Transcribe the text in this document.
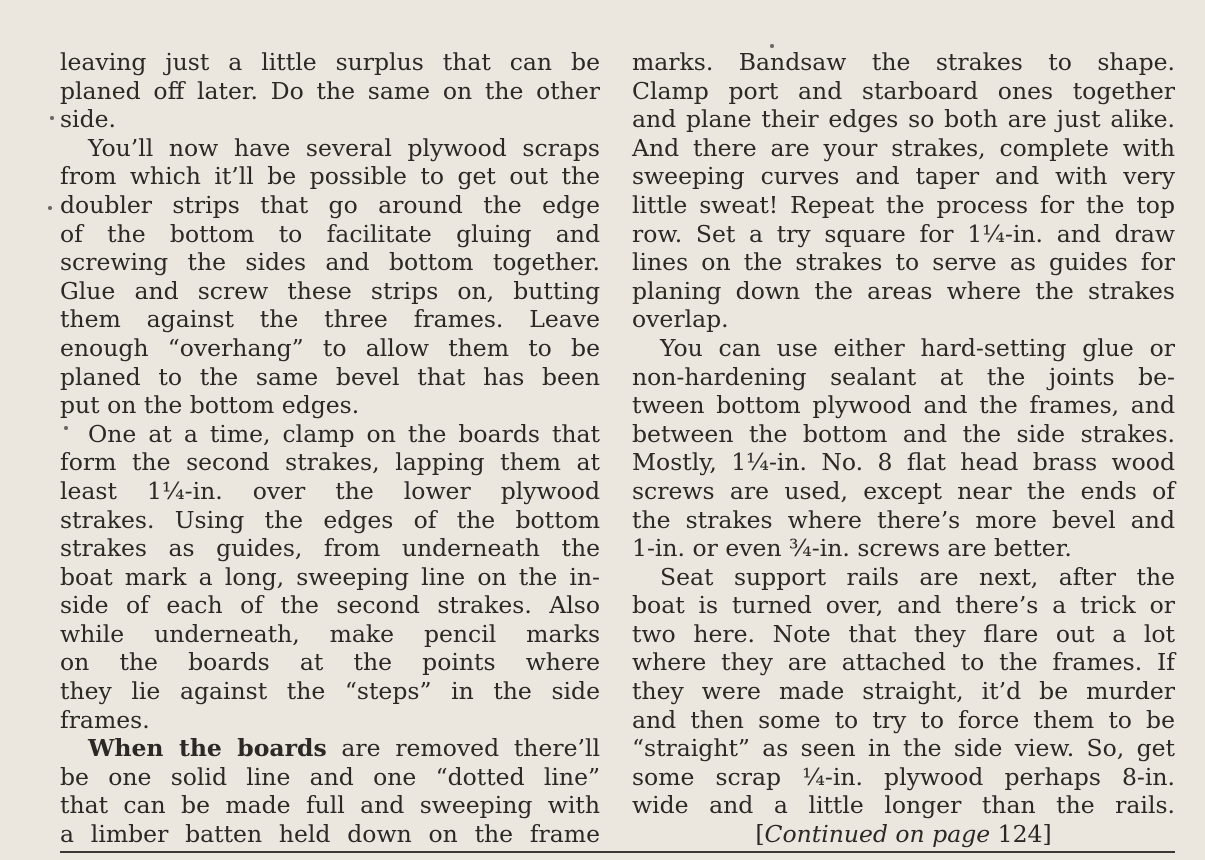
leaving just a little surplus that can be
planed off later. Do the same on the other
side.
You’ll now have several plywood scraps
from which it’ll be possible to get out the
doubler strips that go around the edge
of the bottom to facilitate gluing and
screwing the sides and bottom together.
Glue and screw these strips on, butting
them against the three frames. Leave
enough “overhang” to allow them to be
planed to the same bevel that has been
put on the bottom edges.
One at a time, clamp on the boards that
form the second strakes, lapping them at
least 1¼-in. over the lower plywood
strakes. Using the edges of the bottom
strakes as guides, from underneath the
boat mark a long, sweeping line on the in-
side of each of the second strakes. Also
while underneath, make pencil marks
on the boards at the points where
they lie against the “steps” in the side
frames.
When the boards are removed there’ll
be one solid line and one “dotted line”
that can be made full and sweeping with
a limber batten held down on the frame
marks. Bandsaw the strakes to shape.
Clamp port and starboard ones together
and plane their edges so both are just alike.
And there are your strakes, complete with
sweeping curves and taper and with very
little sweat! Repeat the process for the top
row. Set a try square for 1¼-in. and draw
lines on the strakes to serve as guides for
planing down the areas where the strakes
overlap.
You can use either hard-setting glue or
non-hardening sealant at the joints be-
tween bottom plywood and the frames, and
between the bottom and the side strakes.
Mostly, 1¼-in. No. 8 flat head brass wood
screws are used, except near the ends of
the strakes where there’s more bevel and
1-in. or even ¾-in. screws are better.
Seat support rails are next, after the
boat is turned over, and there’s a trick or
two here. Note that they flare out a lot
where they are attached to the frames. If
they were made straight, it’d be murder
and then some to try to force them to be
“straight” as seen in the side view. So, get
some scrap ¼-in. plywood perhaps 8-in.
wide and a little longer than the rails.
[Continued on page 124]
